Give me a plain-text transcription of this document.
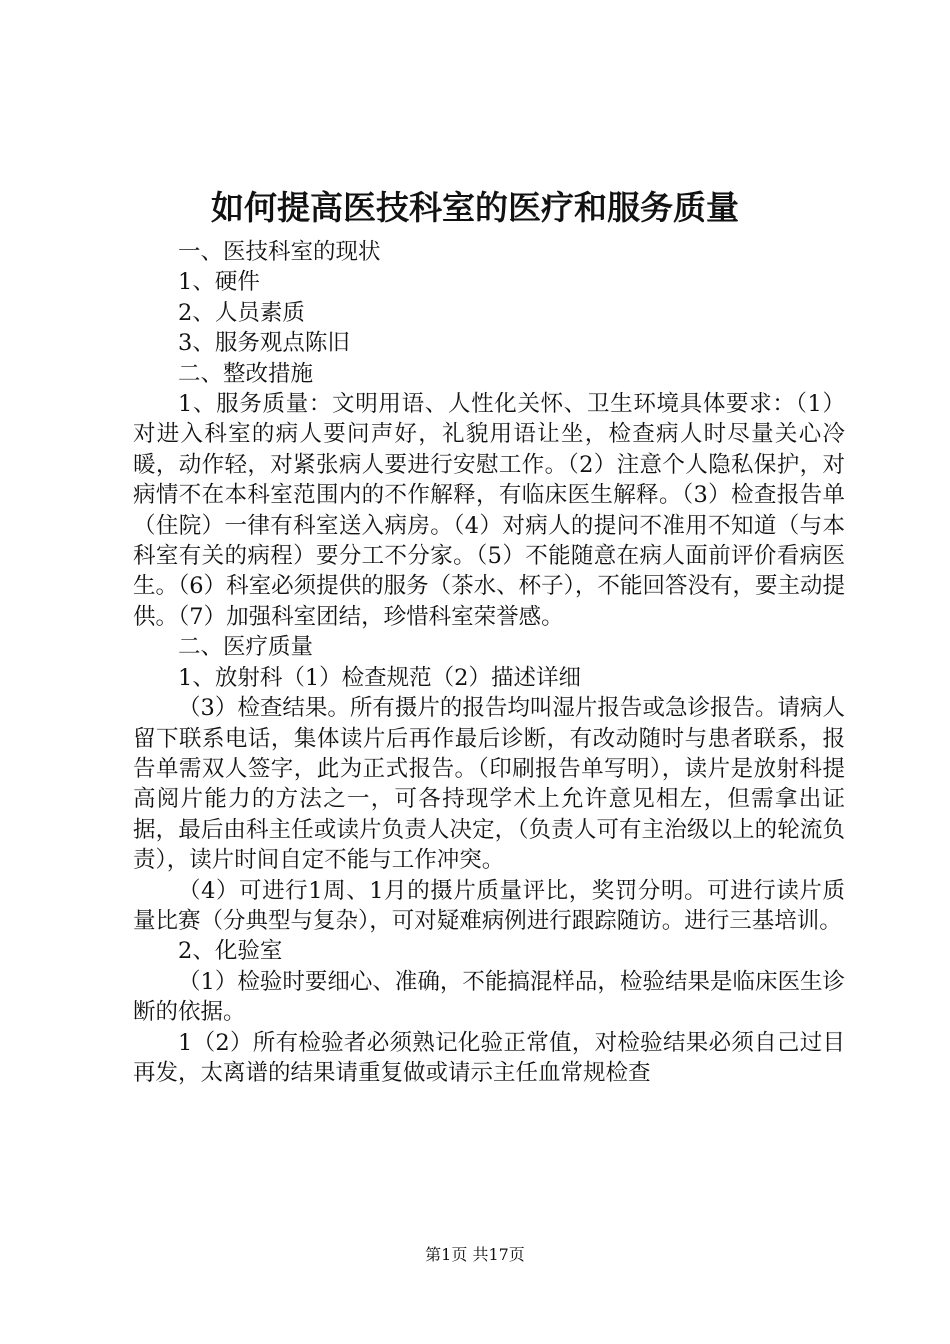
如何提高医技科室的医疗和服务质量

一、医技科室的现状

1、硬件

2、人员素质

3、服务观点陈旧

二、整改措施

1、服务质量：文明用语、人性化关怀、卫生环境具体要求：（1）对进入科室的病人要问声好，礼貌用语让坐，检查病人时尽量关心冷暖，动作轻，对紧张病人要进行安慰工作。（2）注意个人隐私保护，对病情不在本科室范围内的不作解释，有临床医生解释。（3）检查报告单（住院）一律有科室送入病房。（4）对病人的提问不准用不知道（与本科室有关的病程）要分工不分家。（5）不能随意在病人面前评价看病医生。（6）科室必须提供的服务（茶水、杯子），不能回答没有，要主动提供。（7）加强科室团结，珍惜科室荣誉感。

二、医疗质量

1、放射科（1）检查规范（2）描述详细

（3）检查结果。所有摄片的报告均叫湿片报告或急诊报告。请病人留下联系电话，集体读片后再作最后诊断，有改动随时与患者联系，报告单需双人签字，此为正式报告。（印刷报告单写明），读片是放射科提高阅片能力的方法之一，可各持现学术上允许意见相左，但需拿出证据，最后由科主任或读片负责人决定，（负责人可有主治级以上的轮流负责），读片时间自定不能与工作冲突。

（4）可进行1周、1月的摄片质量评比，奖罚分明。可进行读片质量比赛（分典型与复杂），可对疑难病例进行跟踪随访。进行三基培训。

2、化验室

（1）检验时要细心、准确，不能搞混样品，检验结果是临床医生诊断的依据。

1（2）所有检验者必须熟记化验正常值，对检验结果必须自己过目再发，太离谱的结果请重复做或请示主任血常规检查

第1页 共17页
